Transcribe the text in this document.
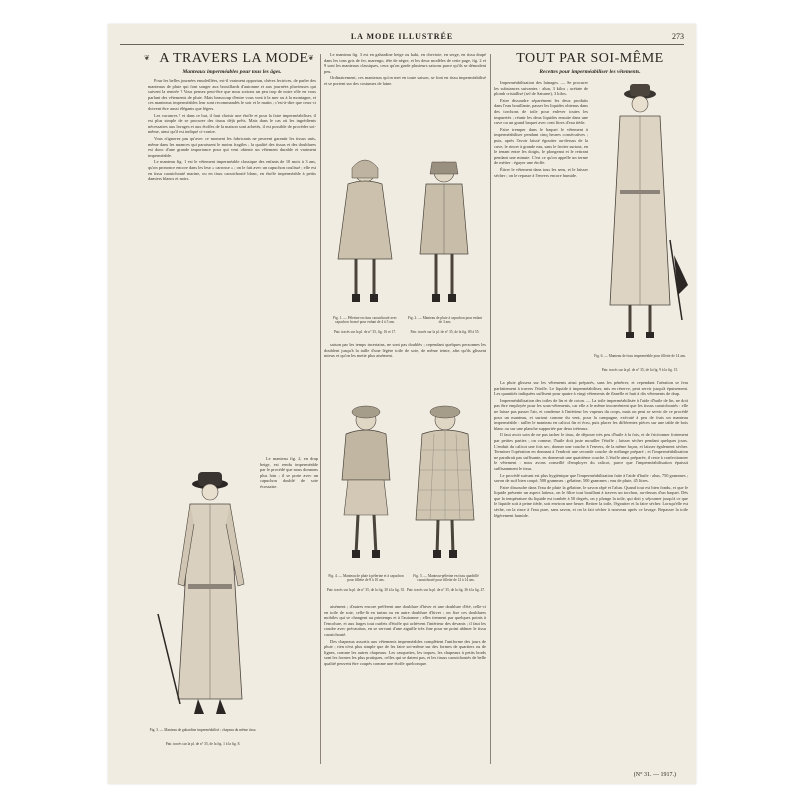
LA MODE ILLUSTRÉE	273
❦ A TRAVERS LA MODE ❦
Manteaux imperméables pour tous les âges.

Pour les belles journées ensoleillées, est-il vraiment opportun, chères lectrices, de parler des manteaux de pluie qui font songer aux brouillards d'automne et aux journées pluvieuses qui suivent la rentrée ? Vous pensez peut-être que nous sortons un peu trop de notre rôle en vous parlant des vêtements de pluie. Mais beaucoup d'entre vous vont à la mer ou à la montagne, et ces manteaux imperméables leur sont recommandés le soir et le matin ; c'est-à-dire que ceux-ci doivent être aussi élégants que légers.

Les vacances ! et dans ce but, il faut choisir une étoffe et pour la faire imperméabiliser, il est plus simple de se procurer des tissus déjà prêts. Mais dans le cas où les ingrédients nécessaires aux lavages et aux étoffes de la maison sont achetés, il est possible de procéder soi-même, ainsi qu'il est indiqué ci-contre.

Vous n'ignorez pas qu'avec ce moment les fabricants ne peuvent garantir les tissus unis, même dans les nuances qui paraissent le moins fragiles ; la qualité des tissus et des doublures est donc d'une grande importance pour qui veut obtenir un vêtement durable et vraiment imperméable.

Le manteau fig. 1 est le vêtement imperméable classique des enfants de 10 mois à 3 ans, qu'on prononce encore dans les leur « carrosse » ; on le fait avec un capuchon coulissé ; elle est en tissu caoutchouté marine, ou en tissu caoutchouté blanc, en étoffe imperméable à petits damiers blancs et noirs.

Le manteau fig. 2, en drap beige, est rendu imperméable par le procédé que nous donnons plus loin ; il se porte avec un capuchon doublé de soie écossaise.

Fig. 3. — Manteau de gabardine imperméabilisé ; chapeau du même tissu.
Patr. tracés sur la pl. de n° 35, de la fig. 1 à la fig. 8.

Le manteau fig. 3 est en gabardine beige ou kaki, en cheviote, en serge, en tissu drapé dans les tons gris de fer, marengo, tête de nègre, et les deux modèles de cette page, fig. 2 et 9 sont les manteaux classiques, ceux qu'on garde plusieurs saisons parce qu'ils se démodent peu.

Ordinairement, ces manteaux qu'on met en toute saison, se font en tissu imperméabilisé et se portent sur des costumes de laine.

Fig. 1. — Pèlerine en tissu caoutchouté avec capuchon froncé pour enfant de 4 à 5 ans.
Patr. tracés sur la pl. de n° 35, fig. 16 et 17.
Fig. 2. — Manteau de pluie à capuchon pour enfant de 3 ans.
Patr. tracés sur la pl. de n° 35, de la fig. 80 à 55.

saison par les temps incertains, ne sont pas doublés ; cependant quelques personnes les doublent jusqu'à la taille d'une légère toile de soie, de même teinte, afin qu'ils glissent mieux et qu'on les mette plus aisément.

Fig. 4. — Manteau de pluie à pèlerine et à capuchon pour fillette de 8 à 10 ans.
Patr. tracés sur la pl. de n° 35, de la fig. 30 à la fig. 35.
Fig. 5. — Manteau-pèlerine en tissu quadrillé caoutchouté pour fillette de 12 à 14 ans.
Patr. tracés sur la pl. de n° 35, de la fig. 36 à la fig. 47.

aisément ; d'autres encore préfèrent une doublure d'hiver et une doublure d'été, celle-ci en toile de soie, celle-là en tartan ou en autre doublure d'hiver ; on fixe ces doublures mobiles qui se changent au printemps et à l'automne ; elles tiennent par quelques points à l'encolure, et aux larges tout ourlets d'étoffe qui achèvent l'intérieur des devants ; il faut les coudre avec précaution, en se servant d'une aiguille très fine pour ne point abîmer le tissu caoutchouté.

Des chapeaux assortis aux vêtements imperméables complètent l'uniforme des jours de pluie ; rien n'est plus simple que de les faire soi-même sur des formes de quartiers ou de lignes, comme les autres chapeaux. Les casquettes, les toques, les chapeaux à petits bords sont les formes les plus pratiques, celles qui se datent pas, et les tissus caoutchoutés de belle qualité peuvent être coupés comme une étoffe quelconque.

TOUT PAR SOI-MÊME
Recettes pour imperméabiliser les vêtements.

Imperméabilisation des lainages. — Se procurer les substances suivantes : alun, 3 kilos ; acétate de plomb cristallisé (sel de Saturne), 3 kilos.

Faire dissoudre séparément les deux produits dans l'eau bouillante, passer les liquides obtenus dans des torchons de toile pour enlever toutes les impuretés ; réunir les deux liquides ensuite dans une cuve ou un grand baquet avec cent litres d'eau tiède.

Faire tremper dans le baquet le vêtement à imperméabiliser pendant cinq heures consécutives ; puis, après l'avoir laissé égoutter au-dessus de la cuve, le rincer à grande eau, sans le frotter surtout, en le tenant entre les doigts, le plongeant et le retirant pendant une minute. C'est ce qu'on appelle un terme de métier : égayer une étoffe.

Étirer le vêtement dans tous les sens, et le laisser sécher ; on le repasse à l'envers encore humide.

Fig. 6. — Manteau de tissu imperméable pour fillette de 14 ans.
Patr. tracés sur la pl. de n° 35, de la fig. 9 à la fig. 15.

La pluie glissera sur les vêtements ainsi préparés, sans les pénétrer, et cependant l'aération se fera parfaitement à travers l'étoffe. Le liquide à imperméabiliser, mis en réserve, peut servir jusqu'à épuisement. Les quantités indiquées suffisent pour quatre à vingt vêtements de flanelle et huit à dix vêtements de drap.

Imperméabilisation des toiles de lin et de coton. — La toile imperméabilisée à l'aide d'huile de lin, ne doit pas être employée pour les sous-vêtements, car elle a le même inconvénient que les tissus caoutchoutés : elle ne laisse pas passer l'air, et condense à l'intérieur les vapeurs du corps, mais on peut se servir de ce procédé pour un manteau, et surtout comme du vent, pour la campagne, exécuté à peu de frais un manteau imperméable : tailler le manteau en calicot fin et écru, puis placer les différentes pièces sur une table de bois blanc ou sur une planche supportée par deux tréteaux.

Il faut avoir soin de ne pas tacher le tissu, de déposer très peu d'huile à la fois, et de frictionner fortement par petites parties ; on comme, l'huile doit juste mouiller l'étoffe ; laisser sécher pendant quelques jours. L'enduit du calicot une fois sec, donner une couche à l'envers, de la même façon, et laisser également sécher. Terminer l'opération en donnant à l'endroit une seconde couche de mélange préparé ; et l'imperméabilisation ne paraîtrait pas suffisante, en donnerait une quatrième couche. L'étoffe ainsi préparée, il reste à confectionner le vêtement : nous avons conseillé d'employer du calicot, parce que l'imperméabilisation épaissit suffisamment le tissu.

Le procédé suivant est plus hygiénique que l'imperméabilisation faite à l'aide d'huile : alun, 750 grammes ; savon de suif bien coupé, 500 grammes ; gélatine, 500 grammes ; eau de pluie, 45 litres.

Faire dissoudre dans l'eau de pluie la gélatine, le savon râpé et l'alun. Quand tout est bien fondu, et que le liquide présente un aspect laiteux, on le filtre tout bouillant à travers un torchon, au-dessus d'un baquet. Dès que la température du liquide est tombée à 50 degrés, on y plonge la toile, qui doit y séjourner jusqu'à ce que le liquide soit à peine tiède, soit environ une heure. Retirer la toile, l'égoutter et la faire sécher. Lorsqu'elle est sèche, on la rince à l'eau pure, sans savon, et on la fait sécher à nouveau après ce lavage. Repasser la toile légèrement humide.

(N° 31. — 1917.)
